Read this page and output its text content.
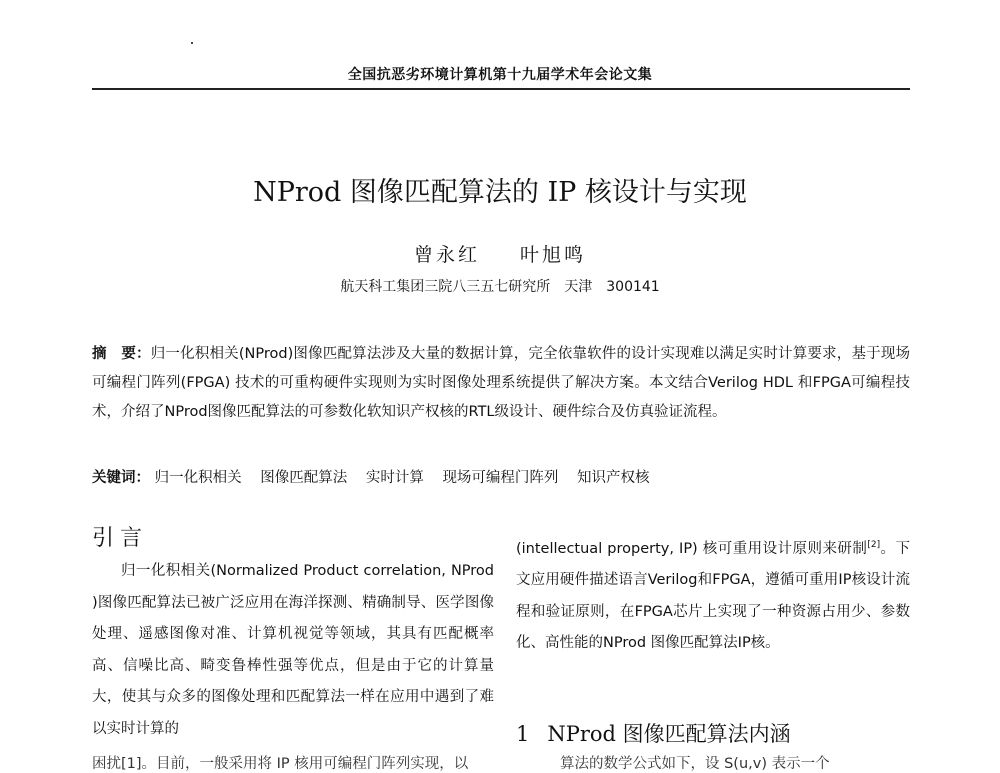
全国抗恶劣环境计算机第十九届学术年会论文集
NProd 图像匹配算法的 IP 核设计与实现
曾永红 叶旭鸣
航天科工集团三院八三五七研究所　天津　300141
摘　要：归一化积相关(NProd)图像匹配算法涉及大量的数据计算，完全依靠软件的设计实现难以满足实时计算要求，基于现场可编程门阵列(FPGA) 技术的可重构硬件实现则为实时图像处理系统提供了解决方案。本文结合Verilog HDL 和FPGA可编程技术，介绍了NProd图像匹配算法的可参数化软知识产权核的RTL级设计、硬件综合及仿真验证流程。
关键词： 归一化积相关 图像匹配算法 实时计算 现场可编程门阵列 知识产权核
引言
归一化积相关(Normalized Product correlation, NProd )图像匹配算法已被广泛应用在海洋探测、精确制导、医学图像处理、遥感图像对准、计算机视觉等领域，其具有匹配概率高、信噪比高、畸变鲁棒性强等优点，但是由于它的计算量大，使其与众多的图像处理和匹配算法一样在应用中遇到了难以实时计算的
(intellectual property, IP) 核可重用设计原则来研制[2]。下文应用硬件描述语言Verilog和FPGA，遵循可重用IP核设计流程和验证原则，在FPGA芯片上实现了一种资源占用少、参数化、高性能的NProd 图像匹配算法IP核。
1 NProd 图像匹配算法内涵
困扰[1]。目前，一般采用将 IP 核用可编程门阵列实现，以	算法的数学公式如下，设 S(u,v) 表示一个
